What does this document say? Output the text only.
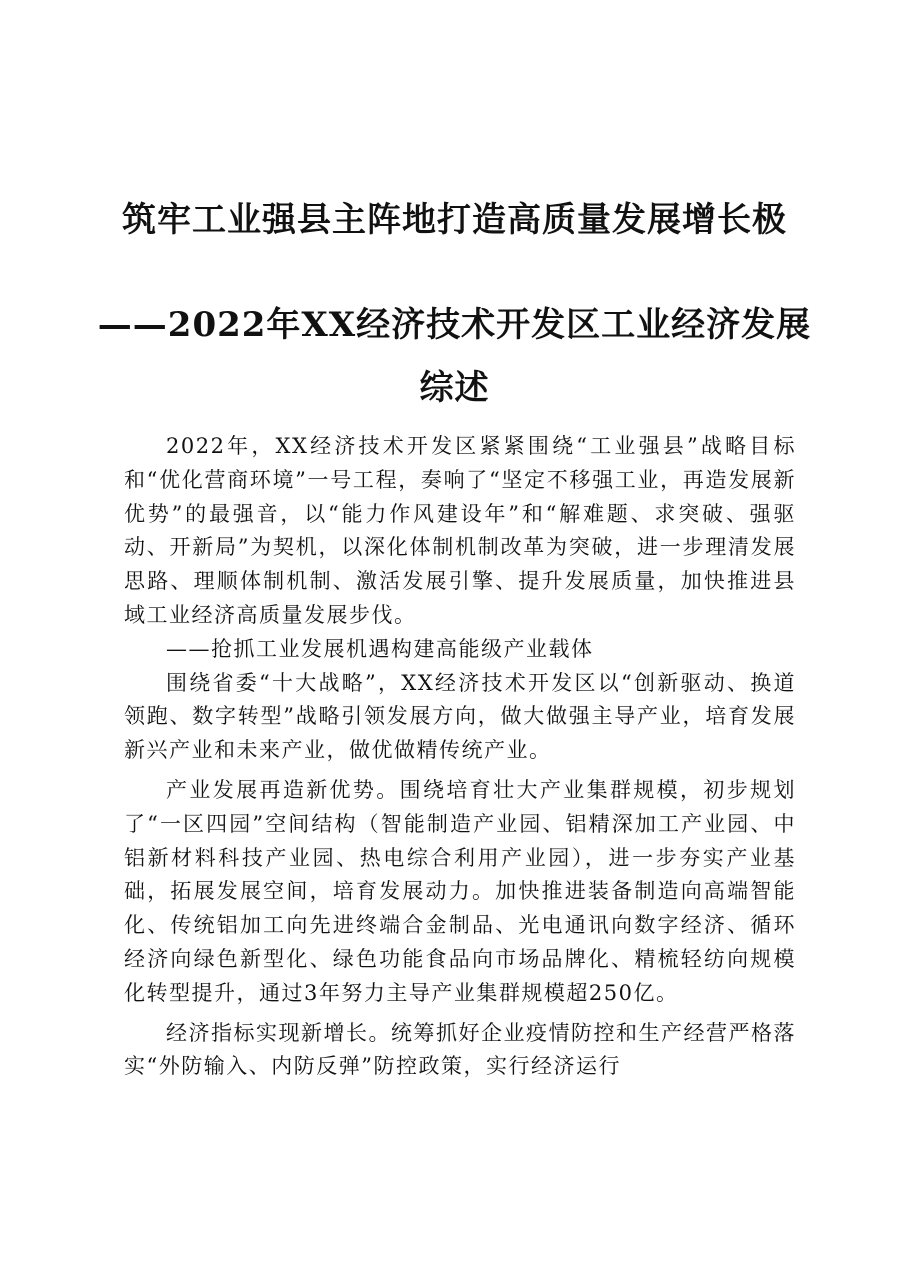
筑牢工业强县主阵地打造高质量发展增长极
——2022年XX经济技术开发区工业经济发展
综述

2022年，XX经济技术开发区紧紧围绕“工业强县”战略目标和“优化营商环境”一号工程，奏响了“坚定不移强工业，再造发展新优势”的最强音，以“能力作风建设年”和“解难题、求突破、强驱动、开新局”为契机，以深化体制机制改革为突破，进一步理清发展思路、理顺体制机制、激活发展引擎、提升发展质量，加快推进县域工业经济高质量发展步伐。

——抢抓工业发展机遇构建高能级产业载体

围绕省委“十大战略”，XX经济技术开发区以“创新驱动、换道领跑、数字转型”战略引领发展方向，做大做强主导产业，培育发展新兴产业和未来产业，做优做精传统产业。

产业发展再造新优势。围绕培育壮大产业集群规模，初步规划了“一区四园”空间结构（智能制造产业园、铝精深加工产业园、中铝新材料科技产业园、热电综合利用产业园），进一步夯实产业基础，拓展发展空间，培育发展动力。加快推进装备制造向高端智能化、传统铝加工向先进终端合金制品、光电通讯向数字经济、循环经济向绿色新型化、绿色功能食品向市场品牌化、精梳轻纺向规模化转型提升，通过3年努力主导产业集群规模超250亿。

经济指标实现新增长。统筹抓好企业疫情防控和生产经营严格落实“外防输入、内防反弹”防控政策，实行经济运行
